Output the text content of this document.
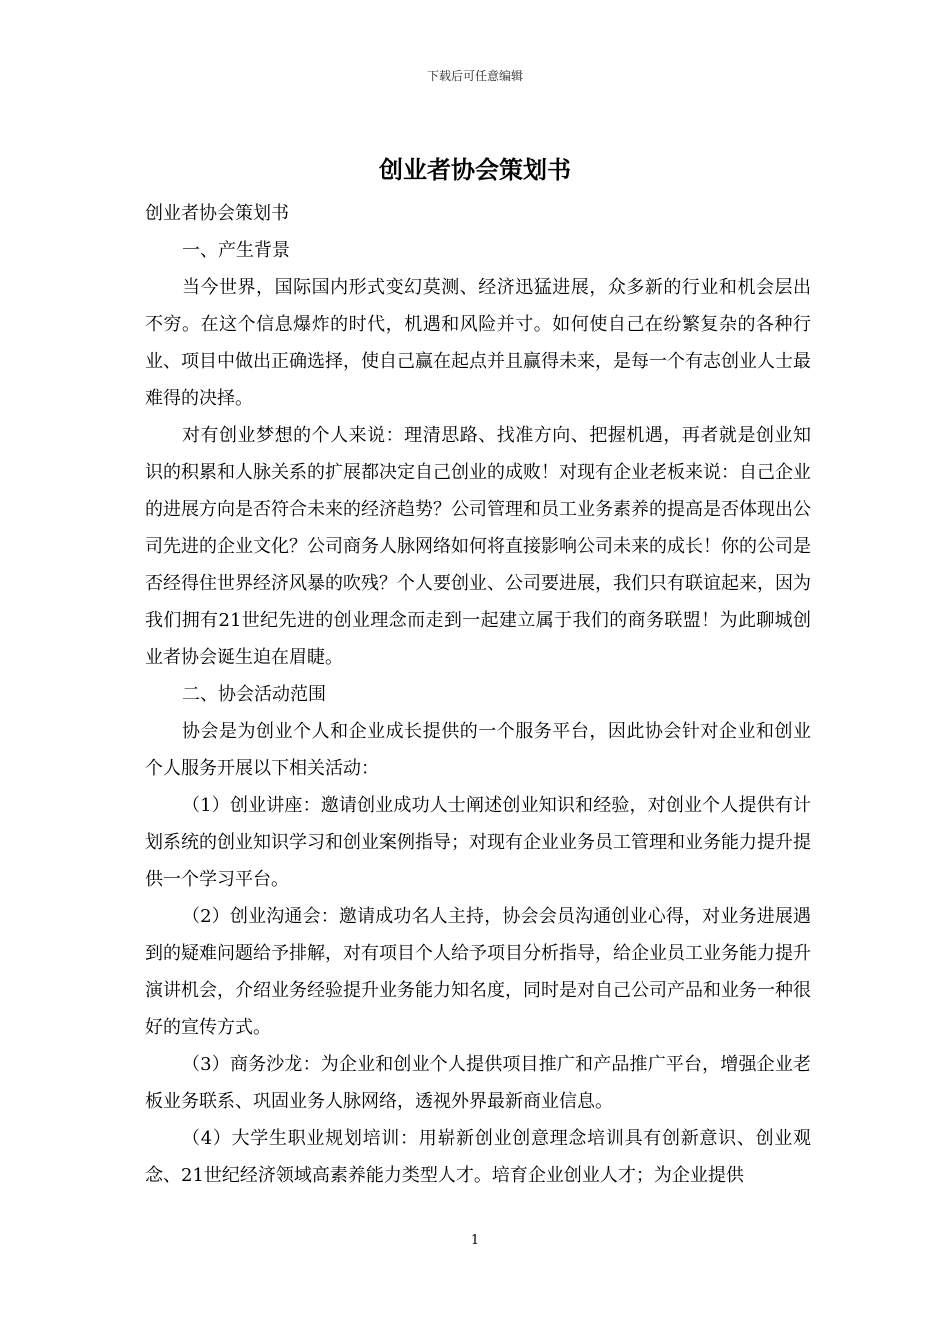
下载后可任意编辑
创业者协会策划书

创业者协会策划书

一、产生背景

当今世界，国际国内形式变幻莫测、经济迅猛进展，众多新的行业和机会层出不穷。在这个信息爆炸的时代，机遇和风险并寸。如何使自己在纷繁复杂的各种行业、项目中做出正确选择，使自己赢在起点并且赢得未来，是每一个有志创业人士最难得的决择。

对有创业梦想的个人来说：理清思路、找准方向、把握机遇，再者就是创业知识的积累和人脉关系的扩展都决定自己创业的成败！对现有企业老板来说：自己企业的进展方向是否符合未来的经济趋势？公司管理和员工业务素养的提高是否体现出公司先进的企业文化？公司商务人脉网络如何将直接影响公司未来的成长！你的公司是否经得住世界经济风暴的吹残？个人要创业、公司要进展，我们只有联谊起来，因为我们拥有21世纪先进的创业理念而走到一起建立属于我们的商务联盟！为此聊城创业者协会诞生迫在眉睫。

二、协会活动范围

协会是为创业个人和企业成长提供的一个服务平台，因此协会针对企业和创业个人服务开展以下相关活动：

（1）创业讲座：邀请创业成功人士阐述创业知识和经验，对创业个人提供有计划系统的创业知识学习和创业案例指导；对现有企业业务员工管理和业务能力提升提供一个学习平台。

（2）创业沟通会：邀请成功名人主持，协会会员沟通创业心得，对业务进展遇到的疑难问题给予排解，对有项目个人给予项目分析指导，给企业员工业务能力提升演讲机会，介绍业务经验提升业务能力知名度，同时是对自己公司产品和业务一种很好的宣传方式。

（3）商务沙龙：为企业和创业个人提供项目推广和产品推广平台，增强企业老板业务联系、巩固业务人脉网络，透视外界最新商业信息。

（4）大学生职业规划培训：用崭新创业创意理念培训具有创新意识、创业观念、21世纪经济领域高素养能力类型人才。培育企业创业人才；为企业提供

1
